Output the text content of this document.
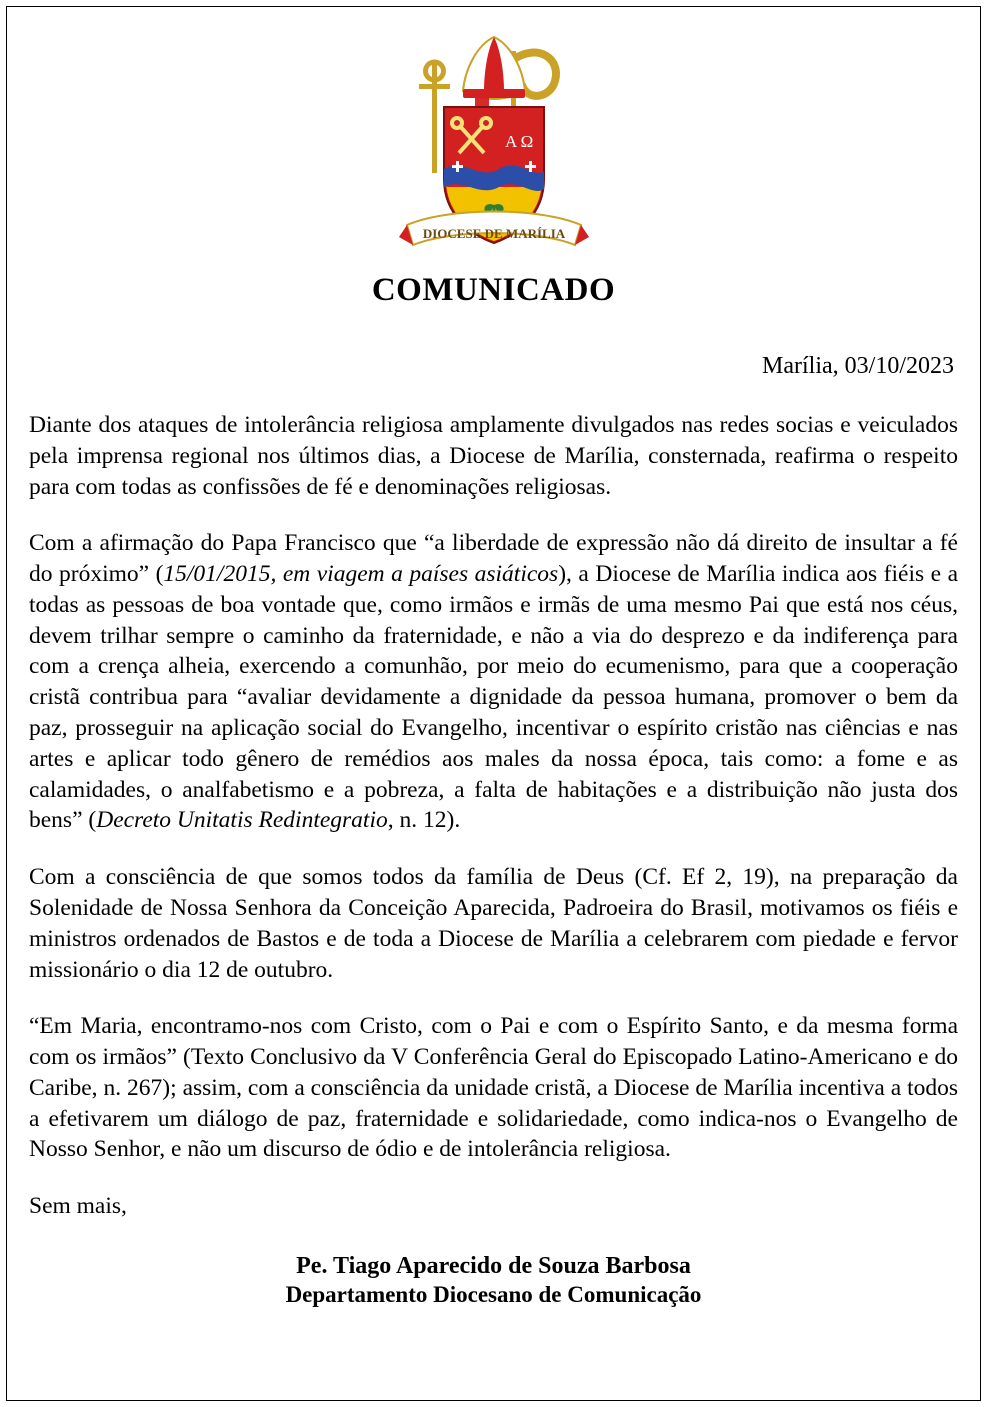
A Ω
DIOCESE DE MARÍLIA
COMUNICADO
Marília, 03/10/2023

Diante dos ataques de intolerância religiosa amplamente divulgados nas redes socias e veiculados pela imprensa regional nos últimos dias, a Diocese de Marília, consternada, reafirma o respeito para com todas as confissões de fé e denominações religiosas.

Com a afirmação do Papa Francisco que “a liberdade de expressão não dá direito de insultar a fé do próximo” (15/01/2015, em viagem a países asiáticos), a Diocese de Marília indica aos fiéis e a todas as pessoas de boa vontade que, como irmãos e irmãs de uma mesmo Pai que está nos céus, devem trilhar sempre o caminho da fraternidade, e não a via do desprezo e da indiferença para com a crença alheia, exercendo a comunhão, por meio do ecumenismo, para que a cooperação cristã contribua para “avaliar devidamente a dignidade da pessoa humana, promover o bem da paz, prosseguir na aplicação social do Evangelho, incentivar o espírito cristão nas ciências e nas artes e aplicar todo gênero de remédios aos males da nossa época, tais como: a fome e as calamidades, o analfabetismo e a pobreza, a falta de habitações e a distribuição não justa dos bens” (Decreto Unitatis Redintegratio, n. 12).

Com a consciência de que somos todos da família de Deus (Cf. Ef 2, 19), na preparação da Solenidade de Nossa Senhora da Conceição Aparecida, Padroeira do Brasil, motivamos os fiéis e ministros ordenados de Bastos e de toda a Diocese de Marília a celebrarem com piedade e fervor missionário o dia 12 de outubro.

“Em Maria, encontramo-nos com Cristo, com o Pai e com o Espírito Santo, e da mesma forma com os irmãos” (Texto Conclusivo da V Conferência Geral do Episcopado Latino-Americano e do Caribe, n. 267); assim, com a consciência da unidade cristã, a Diocese de Marília incentiva a todos a efetivarem um diálogo de paz, fraternidade e solidariedade, como indica-nos o Evangelho de Nosso Senhor, e não um discurso de ódio e de intolerância religiosa.

Sem mais,

Pe. Tiago Aparecido de Souza Barbosa
Departamento Diocesano de Comunicação
